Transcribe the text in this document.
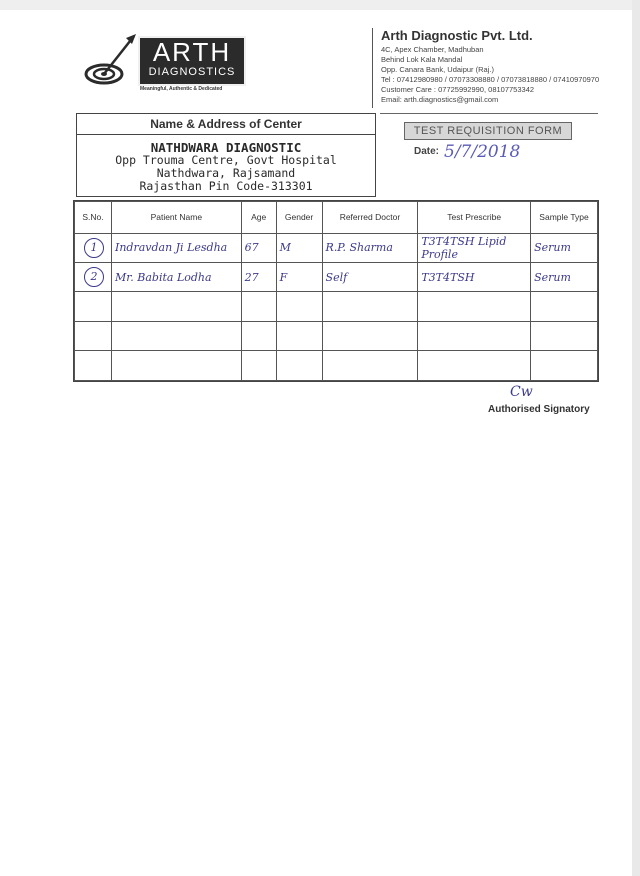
ARTH
DIAGNOSTICS
Meaningful, Authentic & Dedicated
Arth Diagnostic Pvt. Ltd.
4C, Apex Chamber, Madhuban
Behind Lok Kala Mandal
Opp. Canara Bank, Udaipur (Raj.)
Tel : 07412980980 / 07073308880 / 07073818880 / 07410970970
Customer Care : 07725992990, 08107753342
Email: arth.diagnostics@gmail.com
Name & Address of Center
NATHDWARA DIAGNOSTIC
Opp Trouma Centre, Govt Hospital
Nathdwara, Rajsamand
Rajasthan Pin Code-313301
TEST REQUISITION FORM
Date: 5/7/2018
S.No.	Patient Name	Age	Gender	Referred Doctor	Test Prescribe	Sample Type
1	Indravdan Ji Lesdha	67	M	R.P. Sharma	T3T4TSH Lipid Profile	Serum
2	Mr. Babita Lodha	27	F	Self	T3T4TSH	Serum

Cw
Authorised Signatory
